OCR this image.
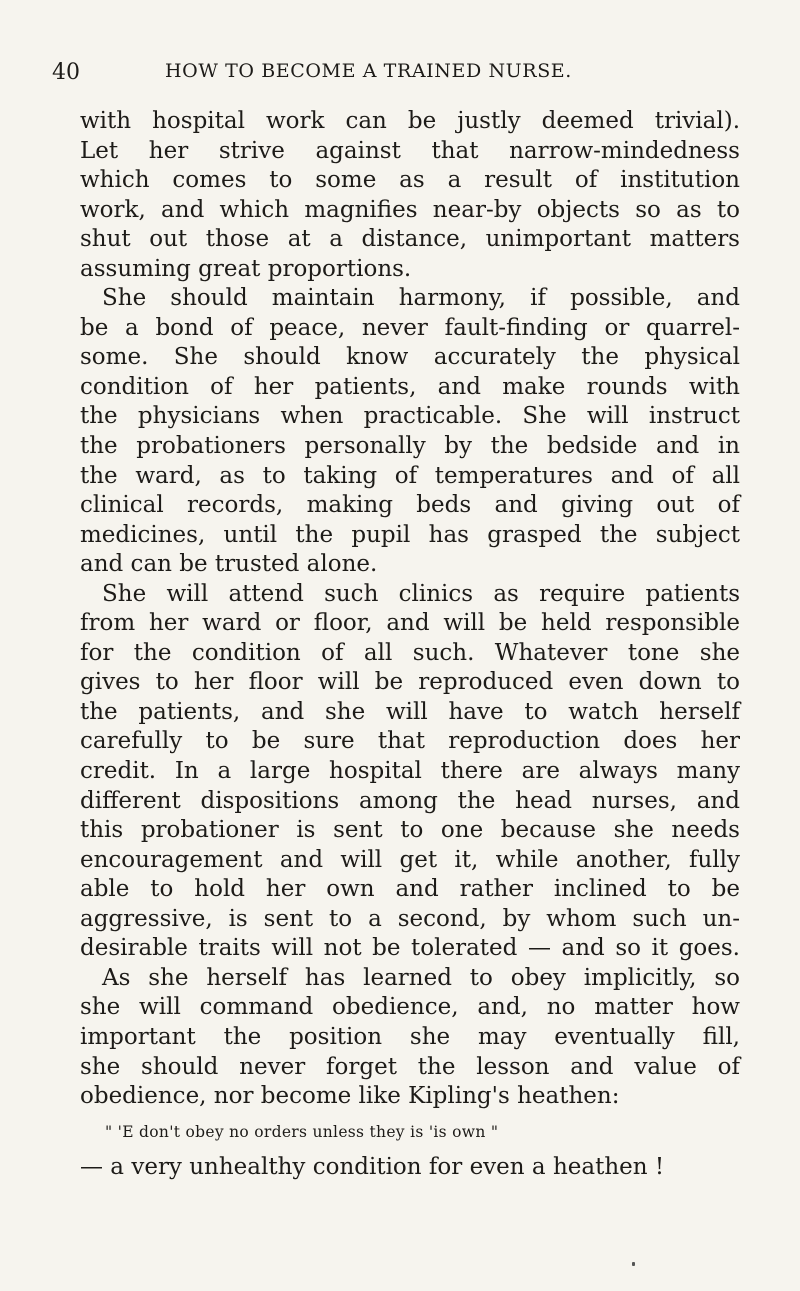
40	HOW TO BECOME A TRAINED NURSE.
with hospital work can be justly deemed trivial).
Let her strive against that narrow-mindedness
which comes to some as a result of institution
work, and which magnifies near-by objects so as to
shut out those at a distance, unimportant matters
assuming great proportions.
She should maintain harmony, if possible, and
be a bond of peace, never fault-finding or quarrel-
some. She should know accurately the physical
condition of her patients, and make rounds with
the physicians when practicable. She will instruct
the probationers personally by the bedside and in
the ward, as to taking of temperatures and of all
clinical records, making beds and giving out of
medicines, until the pupil has grasped the subject
and can be trusted alone.
She will attend such clinics as require patients
from her ward or floor, and will be held responsible
for the condition of all such. Whatever tone she
gives to her floor will be reproduced even down to
the patients, and she will have to watch herself
carefully to be sure that reproduction does her
credit. In a large hospital there are always many
different dispositions among the head nurses, and
this probationer is sent to one because she needs
encouragement and will get it, while another, fully
able to hold her own and rather inclined to be
aggressive, is sent to a second, by whom such un-
desirable traits will not be tolerated — and so it goes.
As she herself has learned to obey implicitly, so
she will command obedience, and, no matter how
important the position she may eventually fill,
she should never forget the lesson and value of
obedience, nor become like Kipling's heathen:
" 'E don't obey no orders unless they is 'is own "
— a very unhealthy condition for even a heathen !
